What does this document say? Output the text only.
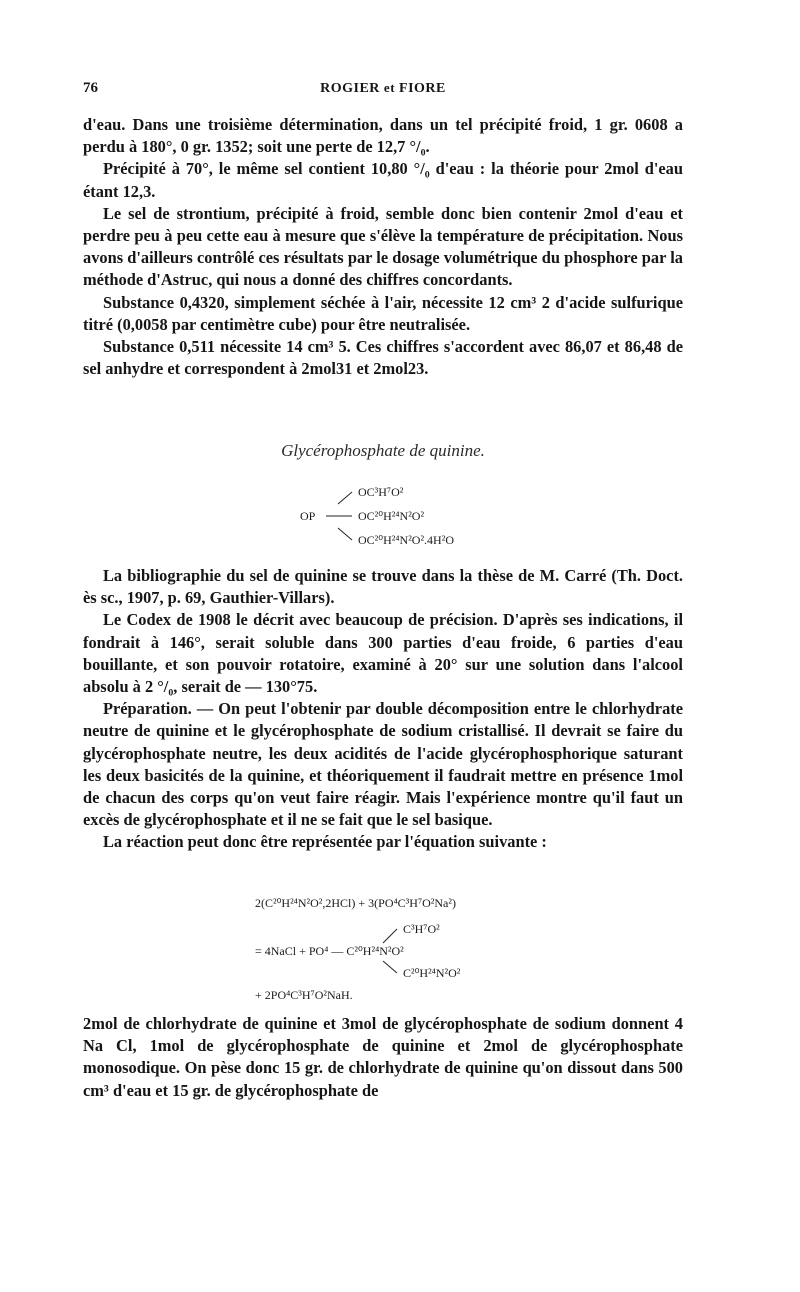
76	ROGIER et FIORE

d'eau. Dans une troisième détermination, dans un tel précipité froid, 1 gr. 0608 a perdu à 180°, 0 gr. 1352; soit une perte de 12,7 °/₀.

Précipité à 70°, le même sel contient 10,80 °/₀ d'eau : la théorie pour 2mol d'eau étant 12,3.

Le sel de strontium, précipité à froid, semble donc bien contenir 2mol d'eau et perdre peu à peu cette eau à mesure que s'élève la température de précipitation. Nous avons d'ailleurs contrôlé ces résultats par le dosage volumétrique du phosphore par la méthode d'Astruc, qui nous a donné des chiffres concordants.

Substance 0,4320, simplement séchée à l'air, nécessite 12 cm³ 2 d'acide sulfurique titré (0,0058 par centimètre cube) pour être neutralisée.

Substance 0,511 nécessite 14 cm³ 5. Ces chiffres s'accordent avec 86,07 et 86,48 de sel anhydre et correspondent à 2mol31 et 2mol23.

Glycérophosphate de quinine.
OC³H⁷O²
OP	OC²⁰H²⁴N²O²
OC²⁰H²⁴N²O².4H²O

La bibliographie du sel de quinine se trouve dans la thèse de M. Carré (Th. Doct. ès sc., 1907, p. 69, Gauthier-Villars).

Le Codex de 1908 le décrit avec beaucoup de précision. D'après ses indications, il fondrait à 146°, serait soluble dans 300 parties d'eau froide, 6 parties d'eau bouillante, et son pouvoir rotatoire, examiné à 20° sur une solution dans l'alcool absolu à 2 °/₀, serait de — 130°75.

Préparation. — On peut l'obtenir par double décomposition entre le chlorhydrate neutre de quinine et le glycérophosphate de sodium cristallisé. Il devrait se faire du glycérophosphate neutre, les deux acidités de l'acide glycérophosphorique saturant les deux basicités de la quinine, et théoriquement il faudrait mettre en présence 1mol de chacun des corps qu'on veut faire réagir. Mais l'expérience montre qu'il faut un excès de glycérophosphate et il ne se fait que le sel basique.

La réaction peut donc être représentée par l'équation suivante :

2(C²⁰H²⁴N²O²,2HCl) + 3(PO⁴C³H⁷O²Na²)
C³H⁷O²
= 4NaCl + PO⁴ — C²⁰H²⁴N²O²
C²⁰H²⁴N²O²
+ 2PO⁴C³H⁷O²NaH.

2mol de chlorhydrate de quinine et 3mol de glycérophosphate de sodium donnent 4 Na Cl, 1mol de glycérophosphate de quinine et 2mol de glycérophosphate monosodique. On pèse donc 15 gr. de chlorhydrate de quinine qu'on dissout dans 500 cm³ d'eau et 15 gr. de glycérophosphate de
